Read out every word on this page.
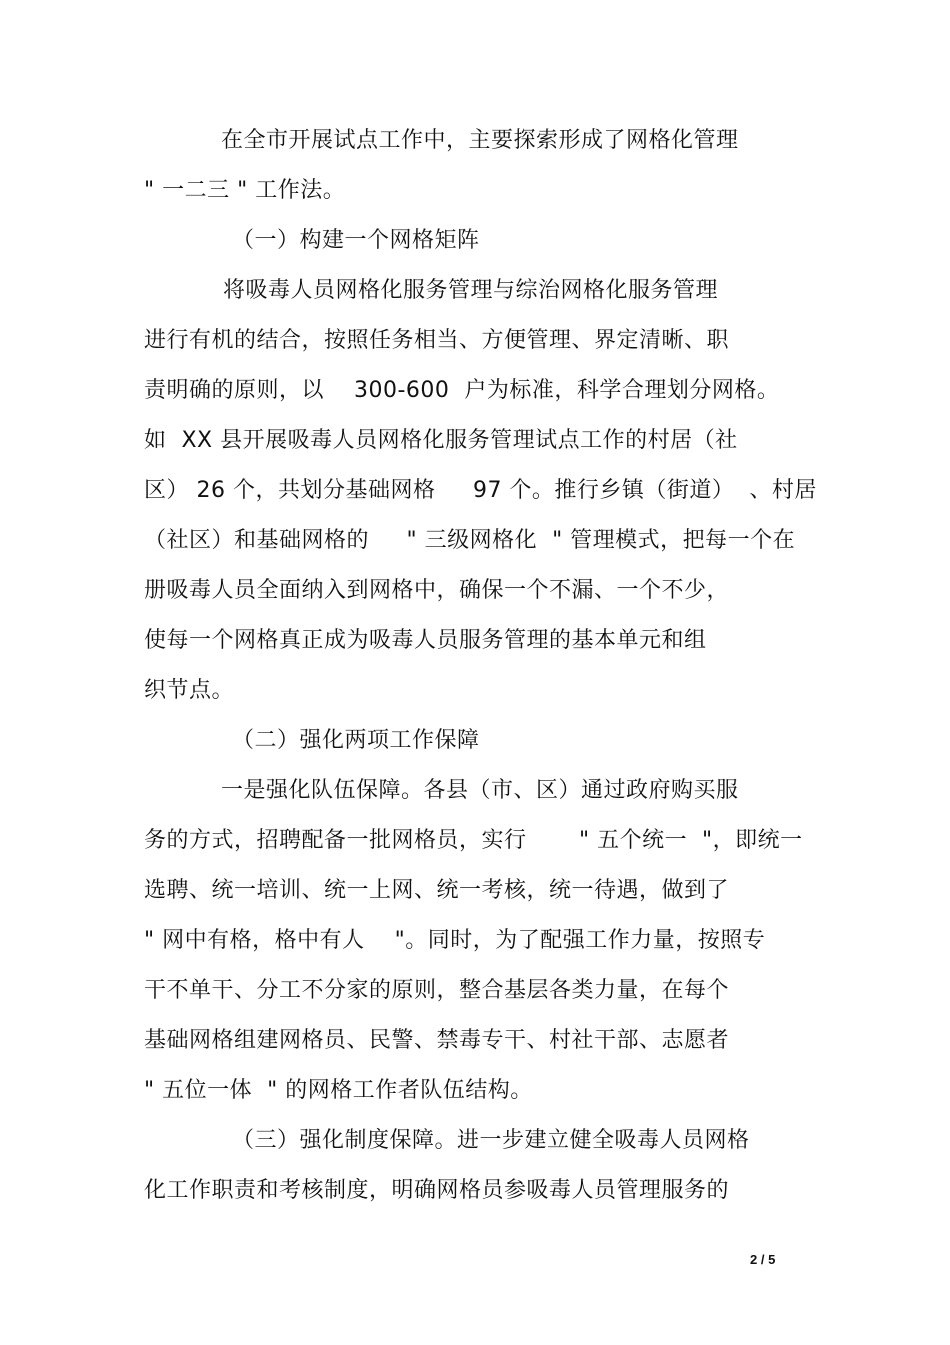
在全市开展试点工作中，主要探索形成了网格化管理
" 一二三 " 工作法。
（一）构建一个网格矩阵
将吸毒人员网格化服务管理与综治网格化服务管理
进行有机的结合，按照任务相当、方便管理、界定清晰、职
责明确的原则，以    300-600  户为标准，科学合理划分网格。
如  XX 县开展吸毒人员网格化服务管理试点工作的村居（社
区） 26 个，共划分基础网格     97 个。推行乡镇（街道）  、村居
（社区）和基础网格的     " 三级网格化  " 管理模式，把每一个在
册吸毒人员全面纳入到网格中，确保一个不漏、一个不少，
使每一个网格真正成为吸毒人员服务管理的基本单元和组
织节点。
（二）强化两项工作保障
一是强化队伍保障。各县（市、区）通过政府购买服
务的方式，招聘配备一批网格员，实行       " 五个统一  "，即统一
选聘、统一培训、统一上网、统一考核，统一待遇，做到了
" 网中有格，格中有人    "。同时，为了配强工作力量，按照专
干不单干、分工不分家的原则，整合基层各类力量，在每个
基础网格组建网格员、民警、禁毒专干、村社干部、志愿者
" 五位一体  " 的网格工作者队伍结构。
（三）强化制度保障。进一步建立健全吸毒人员网格
化工作职责和考核制度，明确网格员参吸毒人员管理服务的
2 / 5
